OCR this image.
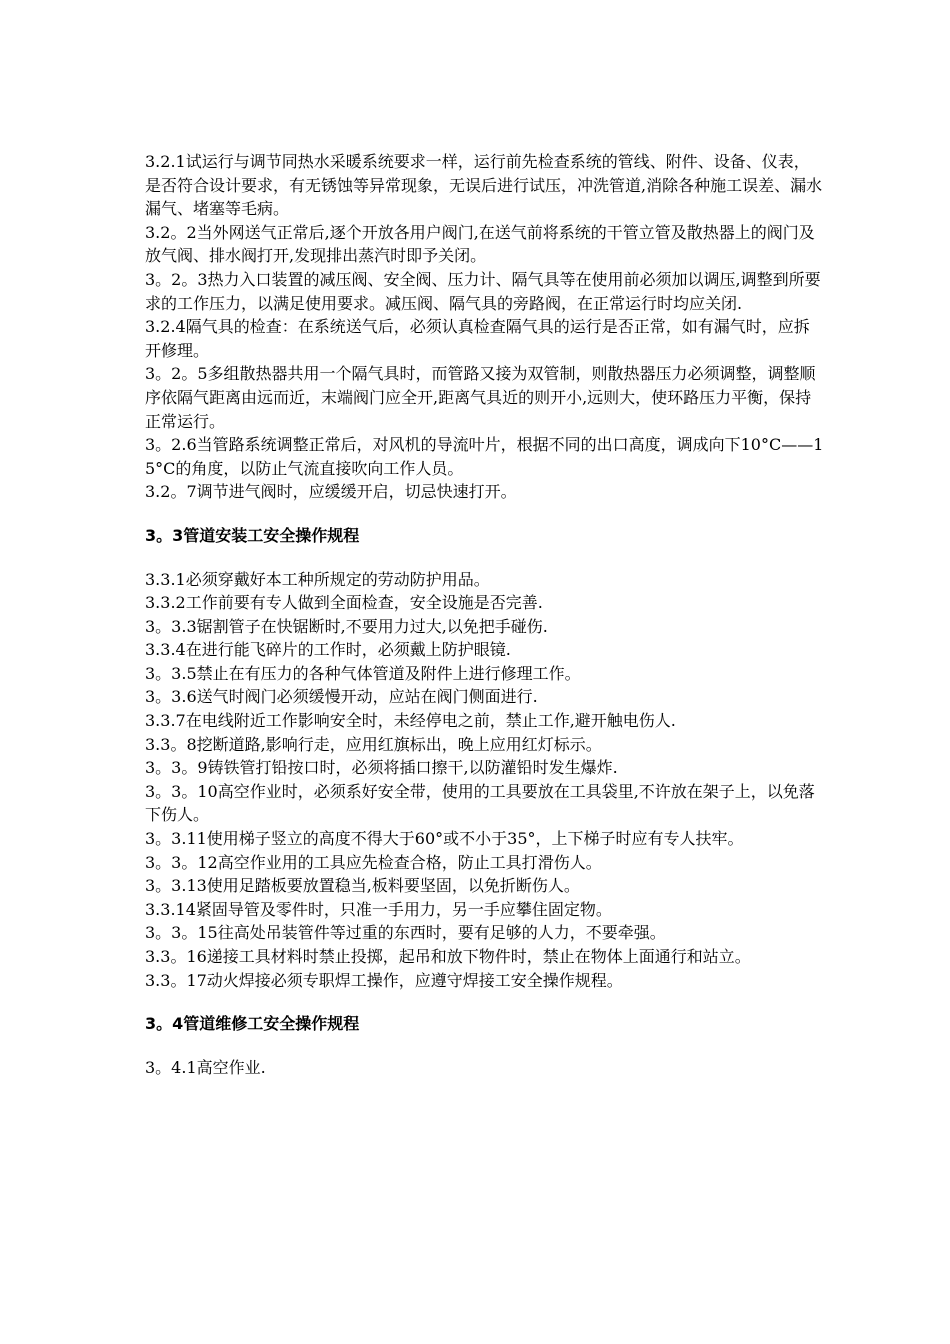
3.2.1试运行与调节同热水采暖系统要求一样，运行前先检查系统的管线、附件、设备、仪表，是否符合设计要求，有无锈蚀等异常现象，无误后进行试压，冲洗管道,消除各种施工误差、漏水漏气、堵塞等毛病。

3.2。2当外网送气正常后,逐个开放各用户阀门,在送气前将系统的干管立管及散热器上的阀门及放气阀、排水阀打开,发现排出蒸汽时即予关闭。

3。2。3热力入口装置的减压阀、安全阀、压力计、隔气具等在使用前必须加以调压,调整到所要求的工作压力，以满足使用要求。减压阀、隔气具的旁路阀，在正常运行时均应关闭.

3.2.4隔气具的检查：在系统送气后，必须认真检查隔气具的运行是否正常，如有漏气时，应拆开修理。

3。2。5多组散热器共用一个隔气具时，而管路又接为双管制，则散热器压力必须调整，调整顺序依隔气距离由远而近，末端阀门应全开,距离气具近的则开小,远则大，使环路压力平衡，保持正常运行。

3。2.6当管路系统调整正常后，对风机的导流叶片，根据不同的出口高度，调成向下10°C——15°C的角度，以防止气流直接吹向工作人员。

3.2。7调节进气阀时，应缓缓开启，切忌快速打开。

3。3管道安装工安全操作规程

3.3.1必须穿戴好本工种所规定的劳动防护用品。

3.3.2工作前要有专人做到全面检查，安全设施是否完善.

3。3.3锯割管子在快锯断时,不要用力过大,以免把手碰伤.

3.3.4在进行能飞碎片的工作时，必须戴上防护眼镜.

3。3.5禁止在有压力的各种气体管道及附件上进行修理工作。

3。3.6送气时阀门必须缓慢开动，应站在阀门侧面进行.

3.3.7在电线附近工作影响安全时，未经停电之前，禁止工作,避开触电伤人.

3.3。8挖断道路,影响行走，应用红旗标出，晚上应用红灯标示。

3。3。9铸铁管打铅按口时，必须将插口擦干,以防灌铅时发生爆炸.

3。3。10高空作业时，必须系好安全带，使用的工具要放在工具袋里,不许放在架子上，以免落下伤人。

3。3.11使用梯子竖立的高度不得大于60°或不小于35°，上下梯子时应有专人扶牢。

3。3。12高空作业用的工具应先检查合格，防止工具打滑伤人。

3。3.13使用足踏板要放置稳当,板料要坚固，以免折断伤人。

3.3.14紧固导管及零件时，只准一手用力，另一手应攀住固定物。

3。3。15往高处吊装管件等过重的东西时，要有足够的人力，不要牵强。

3.3。16递接工具材料时禁止投掷，起吊和放下物件时，禁止在物体上面通行和站立。

3.3。17动火焊接必须专职焊工操作，应遵守焊接工安全操作规程。

3。4管道维修工安全操作规程

3。4.1高空作业.
